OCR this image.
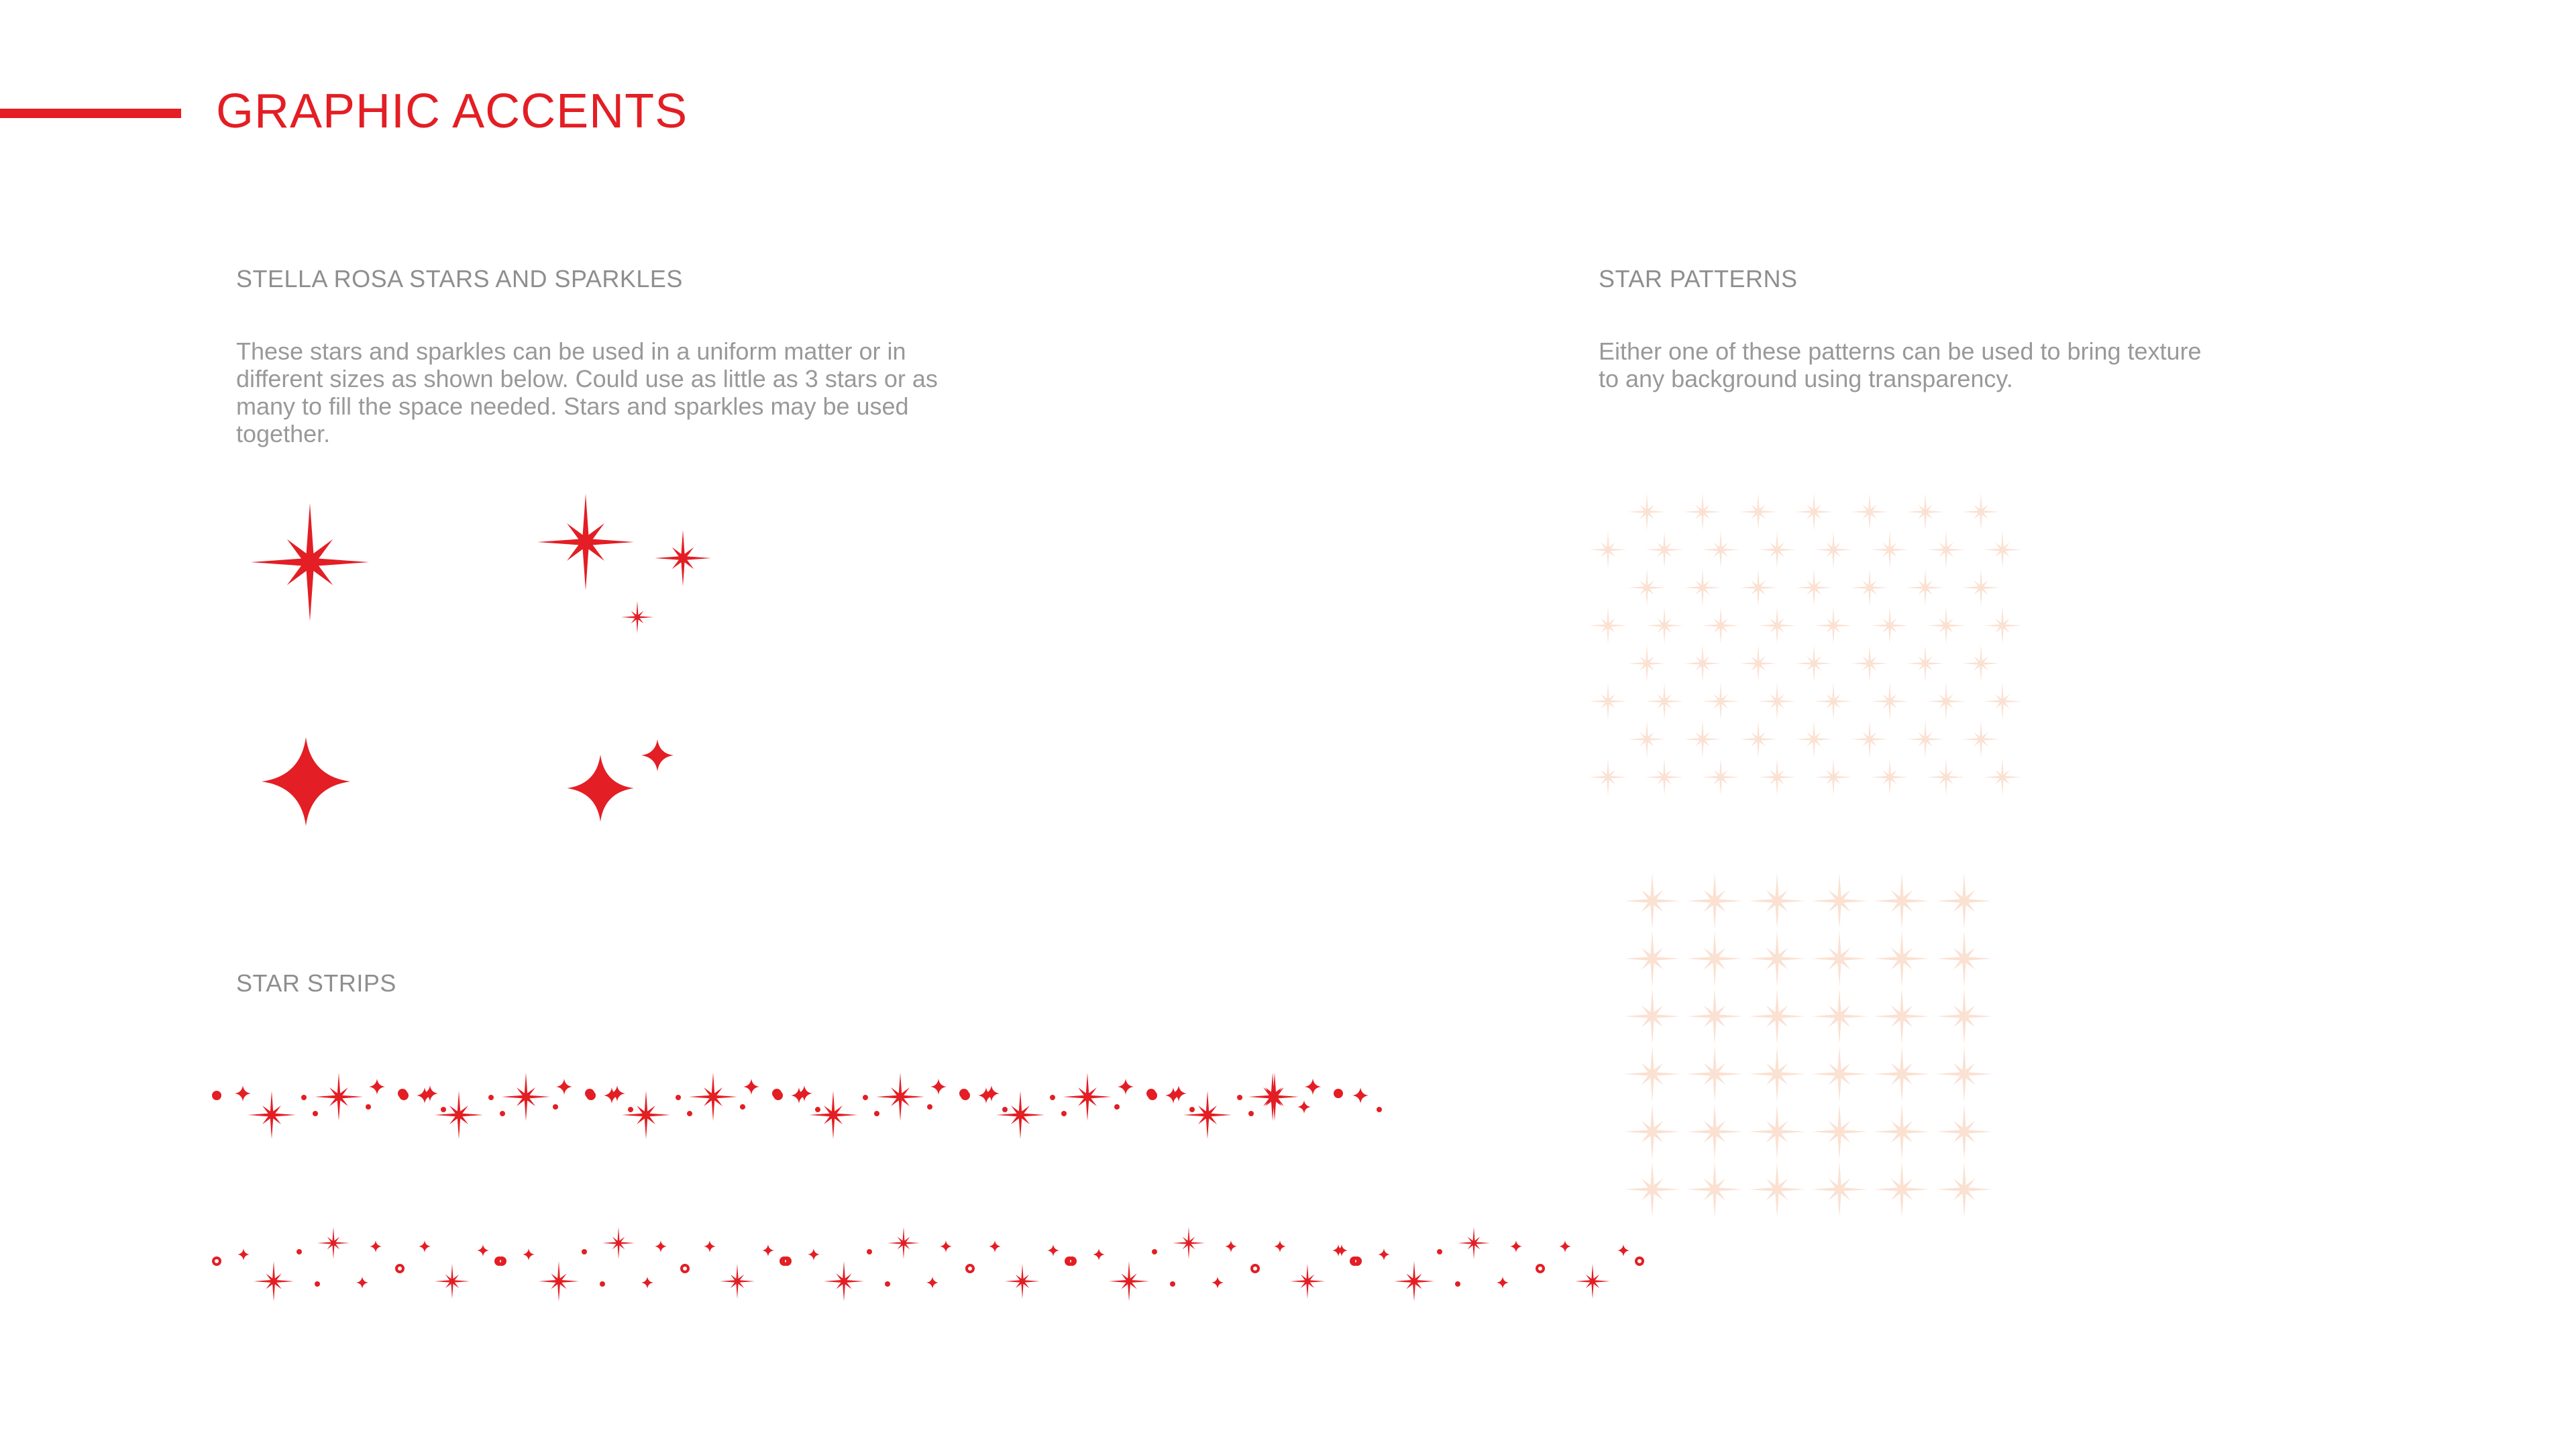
GRAPHIC ACCENTS
STELLA ROSA STARS AND SPARKLES

These stars and sparkles can be used in a uniform matter or in different sizes as shown below. Could use as little as 3 stars or as many to fill the space needed. Stars and sparkles may be used together.

STAR PATTERNS

Either one of these patterns can be used to bring texture to any background using transparency.

STAR STRIPS
